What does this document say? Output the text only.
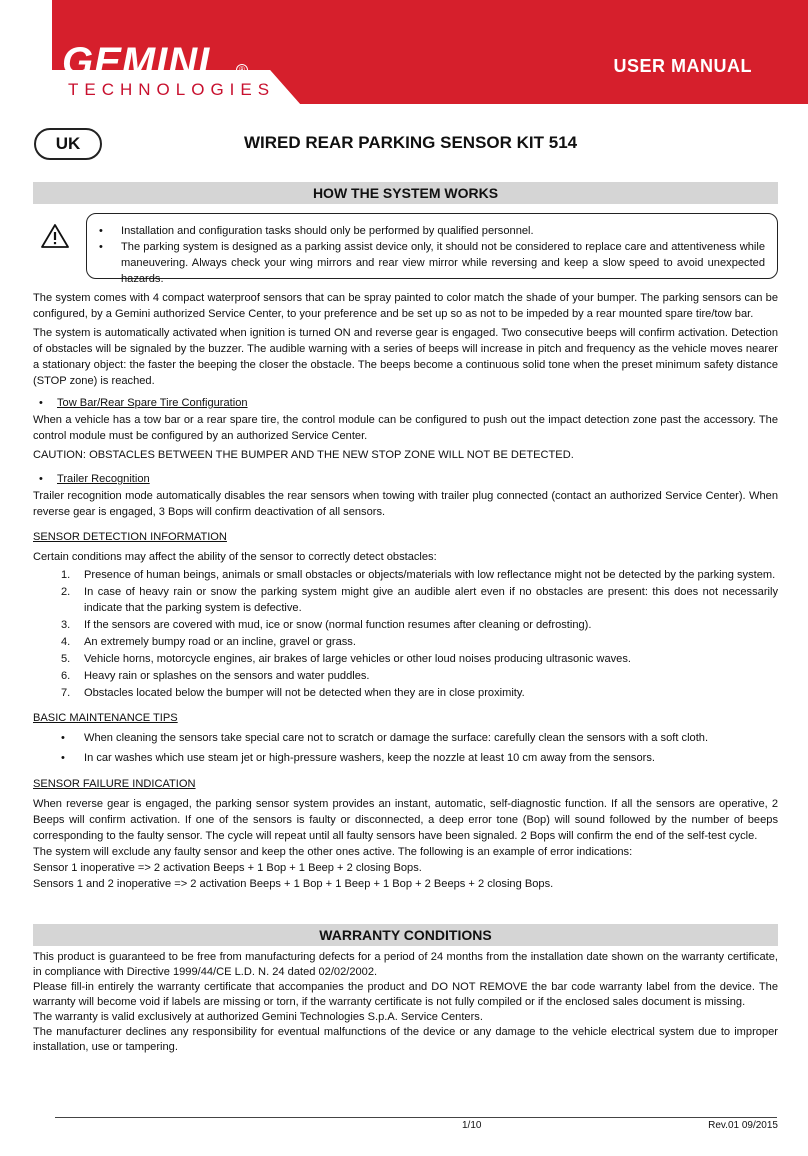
GEMINI	®
TECHNOLOGIES
USER MANUAL
UK	WIRED REAR PARKING SENSOR KIT 514
HOW THE SYSTEM WORKS
• Installation and configuration tasks should only be performed by qualified personnel.
• The parking system is designed as a parking assist device only, it should not be considered to replace care and attentiveness while maneuvering. Always check your wing mirrors and rear view mirror while reversing and keep a slow speed to avoid unexpected hazards.

The system comes with 4 compact waterproof sensors that can be spray painted to color match the shade of your bumper. The parking sensors can be configured, by a Gemini authorized Service Center, to your preference and be set up so as not to be impeded by a rear mounted spare tire/tow bar.

The system is automatically activated when ignition is turned ON and reverse gear is engaged. Two consecutive beeps will confirm activation. Detection of obstacles will be signaled by the buzzer. The audible warning with a series of beeps will increase in pitch and frequency as the vehicle moves nearer a stationary object: the faster the beeping the closer the obstacle. The beeps become a continuous solid tone when the preset minimum safety distance (STOP zone) is reached.

• Tow Bar/Rear Spare Tire Configuration

When a vehicle has a tow bar or a rear spare tire, the control module can be configured to push out the impact detection zone past the accessory. The control module must be configured by an authorized Service Center.

CAUTION: OBSTACLES BETWEEN THE BUMPER AND THE NEW STOP ZONE WILL NOT BE DETECTED.

• Trailer Recognition

Trailer recognition mode automatically disables the rear sensors when towing with trailer plug connected (contact an authorized Service Center). When reverse gear is engaged, 3 Bops will confirm deactivation of all sensors.

SENSOR DETECTION INFORMATION

Certain conditions may affect the ability of the sensor to correctly detect obstacles:

1. Presence of human beings, animals or small obstacles or objects/materials with low reflectance might not be detected by the parking system.
2. In case of heavy rain or snow the parking system might give an audible alert even if no obstacles are present: this does not necessarily indicate that the parking system is defective.
3. If the sensors are covered with mud, ice or snow (normal function resumes after cleaning or defrosting).
4. An extremely bumpy road or an incline, gravel or grass.
5. Vehicle horns, motorcycle engines, air brakes of large vehicles or other loud noises producing ultrasonic waves.
6. Heavy rain or splashes on the sensors and water puddles.
7. Obstacles located below the bumper will not be detected when they are in close proximity.
BASIC MAINTENANCE TIPS
• When cleaning the sensors take special care not to scratch or damage the surface: carefully clean the sensors with a soft cloth.
• In car washes which use steam jet or high-pressure washers, keep the nozzle at least 10 cm away from the sensors.
SENSOR FAILURE INDICATION

When reverse gear is engaged, the parking sensor system provides an instant, automatic, self-diagnostic function. If all the sensors are operative, 2 Beeps will confirm activation. If one of the sensors is faulty or disconnected, a deep error tone (Bop) will sound followed by the number of beeps corresponding to the faulty sensor. The cycle will repeat until all faulty sensors have been signaled. 2 Bops will confirm the end of the self-test cycle.

The system will exclude any faulty sensor and keep the other ones active. The following is an example of error indications:

Sensor 1 inoperative => 2 activation Beeps + 1 Bop + 1 Beep + 2 closing Bops.

Sensors 1 and 2 inoperative => 2 activation Beeps + 1 Bop + 1 Beep + 1 Bop + 2 Beeps + 2 closing Bops.

WARRANTY CONDITIONS

This product is guaranteed to be free from manufacturing defects for a period of 24 months from the installation date shown on the warranty certificate, in compliance with Directive 1999/44/CE L.D. N. 24 dated 02/02/2002.

Please fill-in entirely the warranty certificate that accompanies the product and DO NOT REMOVE the bar code warranty label from the device. The warranty will become void if labels are missing or torn, if the warranty certificate is not fully compiled or if the enclosed sales document is missing.

The warranty is valid exclusively at authorized Gemini Technologies S.p.A. Service Centers.

The manufacturer declines any responsibility for eventual malfunctions of the device or any damage to the vehicle electrical system due to improper installation, use or tampering.

1/10	Rev.01 09/2015
